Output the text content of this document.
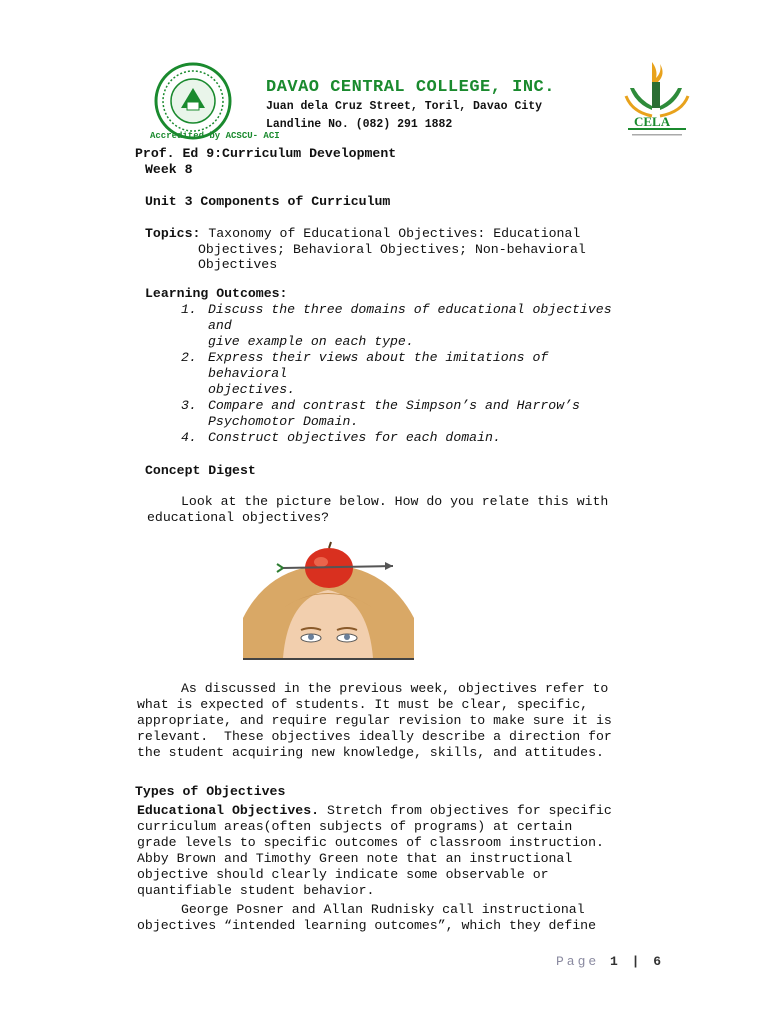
DAVAO CENTRAL COLLEGE, INC.
Juan dela Cruz Street, Toril, Davao City
Landline No. (082) 291 1882
Accredited by ACSCU- ACI
CELA
Prof. Ed 9:Curriculum Development
Week 8
Unit 3 Components of Curriculum
Topics: Taxonomy of Educational Objectives: Educational
Objectives; Behavioral Objectives; Non-behavioral
Objectives
Learning Outcomes:
1. Discuss the three domains of educational objectives
and
give example on each type.
2. Express their views about the imitations of
behavioral
objectives.
3. Compare and contrast the Simpson’s and Harrow’s
Psychomotor Domain.
4. Construct objectives for each domain.
Concept Digest
Look at the picture below. How do you relate this with
educational objectives?
As discussed in the previous week, objectives refer to
what is expected of students. It must be clear, specific,
appropriate, and require regular revision to make sure it is
relevant.  These objectives ideally describe a direction for
the student acquiring new knowledge, skills, and attitudes.
Types of Objectives
Educational Objectives. Stretch from objectives for specific
curriculum areas(often subjects of programs) at certain
grade levels to specific outcomes of classroom instruction.
Abby Brown and Timothy Green note that an instructional
objective should clearly indicate some observable or
quantifiable student behavior.
George Posner and Allan Rudnisky call instructional
objectives “intended learning outcomes”, which they define
Page 1 | 6
